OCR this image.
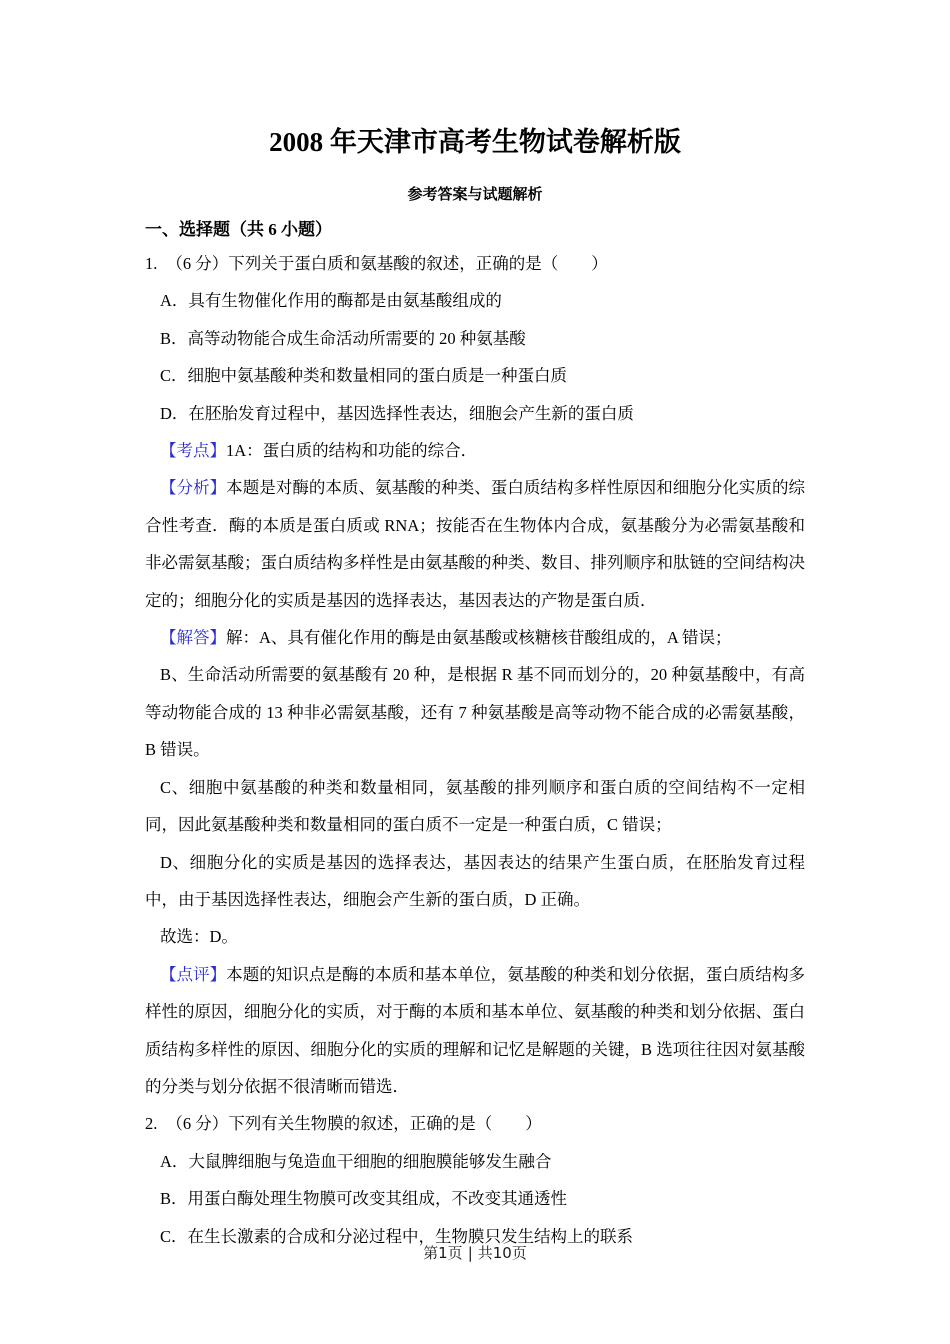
2008 年天津市高考生物试卷解析版
参考答案与试题解析
一、选择题（共 6 小题）

1. （6 分）下列关于蛋白质和氨基酸的叙述，正确的是（　　）

A．具有生物催化作用的酶都是由氨基酸组成的

B．高等动物能合成生命活动所需要的 20 种氨基酸

C．细胞中氨基酸种类和数量相同的蛋白质是一种蛋白质

D．在胚胎发育过程中，基因选择性表达，细胞会产生新的蛋白质

【考点】1A：蛋白质的结构和功能的综合．

【分析】本题是对酶的本质、氨基酸的种类、蛋白质结构多样性原因和细胞分化实质的综合性考查．酶的本质是蛋白质或 RNA；按能否在生物体内合成，氨基酸分为必需氨基酸和非必需氨基酸；蛋白质结构多样性是由氨基酸的种类、数目、排列顺序和肽链的空间结构决定的；细胞分化的实质是基因的选择表达，基因表达的产物是蛋白质．

【解答】解：A、具有催化作用的酶是由氨基酸或核糖核苷酸组成的，A 错误；

B、生命活动所需要的氨基酸有 20 种，是根据 R 基不同而划分的，20 种氨基酸中，有高等动物能合成的 13 种非必需氨基酸，还有 7 种氨基酸是高等动物不能合成的必需氨基酸，B 错误。

C、细胞中氨基酸的种类和数量相同，氨基酸的排列顺序和蛋白质的空间结构不一定相同，因此氨基酸种类和数量相同的蛋白质不一定是一种蛋白质，C 错误；

D、细胞分化的实质是基因的选择表达，基因表达的结果产生蛋白质，在胚胎发育过程中，由于基因选择性表达，细胞会产生新的蛋白质，D 正确。

故选：D。

【点评】本题的知识点是酶的本质和基本单位，氨基酸的种类和划分依据，蛋白质结构多样性的原因，细胞分化的实质，对于酶的本质和基本单位、氨基酸的种类和划分依据、蛋白质结构多样性的原因、细胞分化的实质的理解和记忆是解题的关键，B 选项往往因对氨基酸的分类与划分依据不很清晰而错选．

2. （6 分）下列有关生物膜的叙述，正确的是（　　）

A．大鼠脾细胞与兔造血干细胞的细胞膜能够发生融合

B．用蛋白酶处理生物膜可改变其组成，不改变其通透性

C．在生长激素的合成和分泌过程中，生物膜只发生结构上的联系

第1页 | 共10页
